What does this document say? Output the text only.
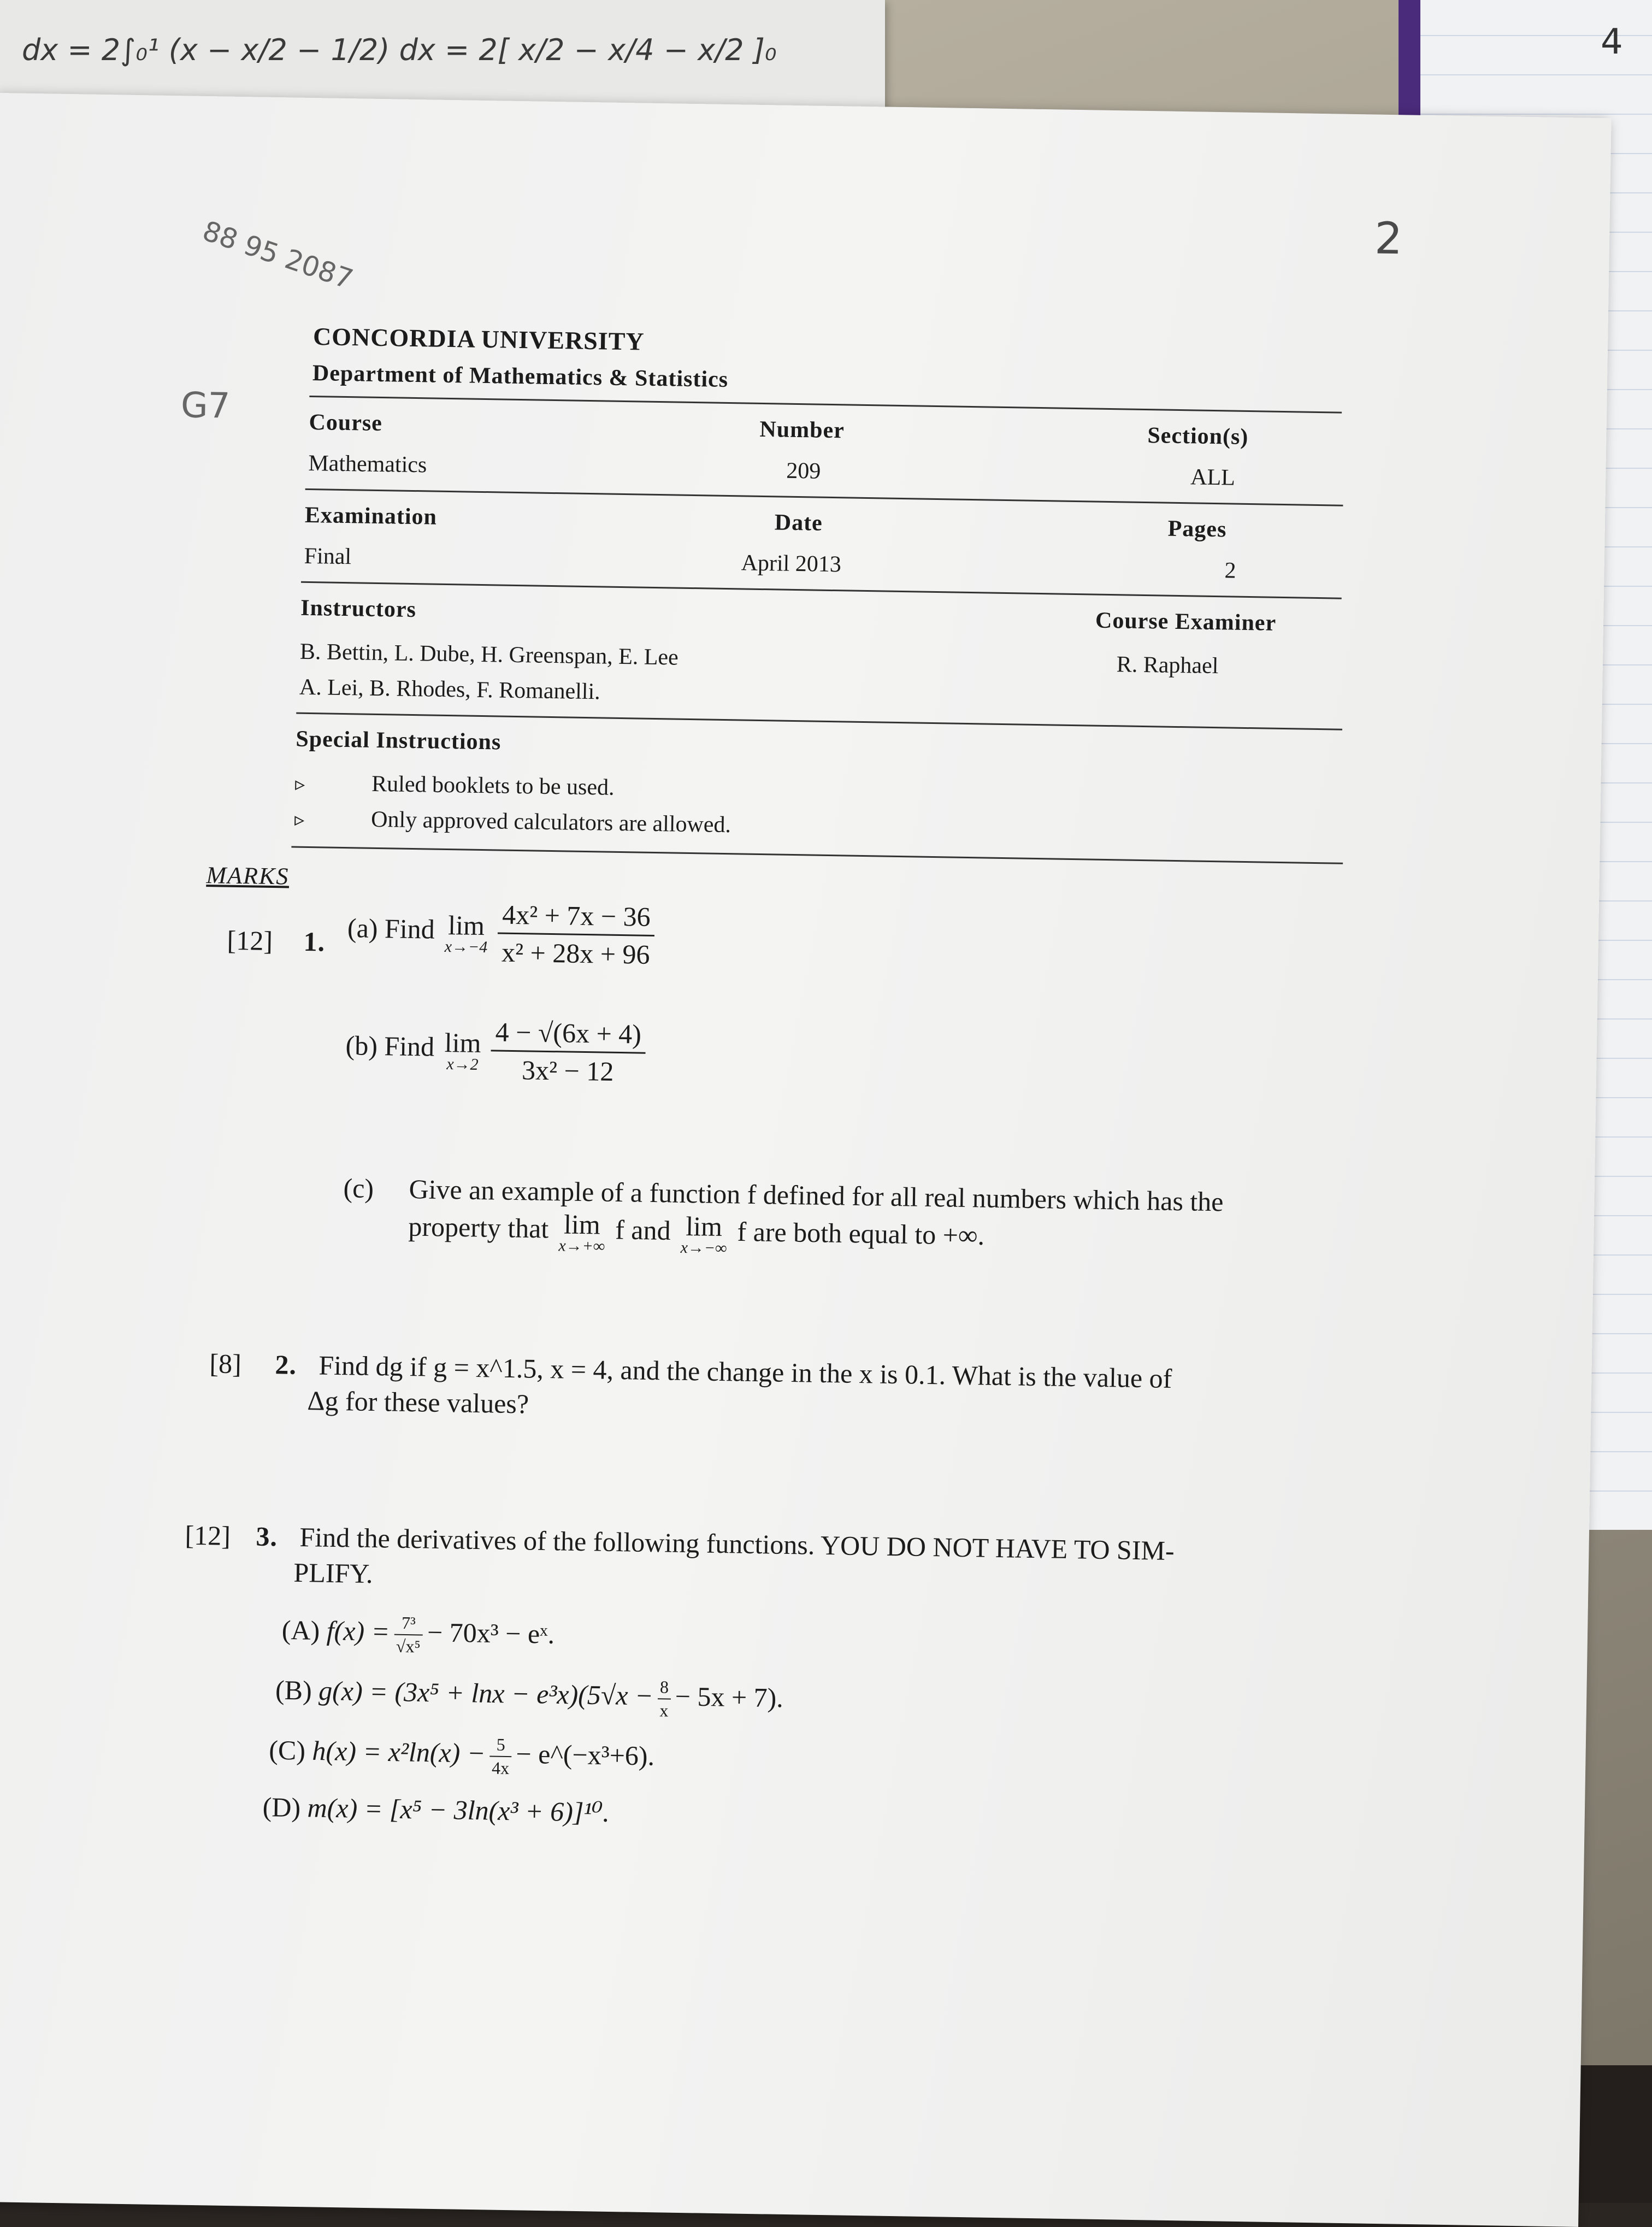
4
dx = 2∫₀¹ (x − x/2 − 1/2) dx = 2[ x/2 − x/4 − x/2 ]₀
2
88 95 2087
G7
CONCORDIA UNIVERSITY
Department of Mathematics & Statistics
Course
Mathematics
Number
209
Section(s)
ALL
Examination
Final
Date
April 2013
Pages
2
Instructors
B. Bettin, L. Dube, H. Greenspan, E. Lee
A. Lei, B. Rhodes, F. Romanelli.
Course Examiner
R. Raphael
Special Instructions
▹	Ruled booklets to be used.
▹	Only approved calculators are allowed.
MARKS
[12] 1. (a) Find lim
$x\to-4 \frac{\text{4x² + 7x − 36}}{\text{x² + 28x + 96}}$
(b) Find lim
$x\to 2 \frac{4 - √(6x + 4)}{\text{3x² − 12}}$
(c) Give an example of a function f defined for all real numbers which has the
property that lim
x→+∞
f and lim
x→−∞ f are both equal to +∞.
[8] 2. Find dg if g = x^1.5, x = 4, and the change in the x is 0.1. What is the value of
Δg for these values?
[12] 3. Find the derivatives of the following functions. YOU DO NOT HAVE TO SIM-
PLIFY.
(A) $f(x) = \frac{\text{7³}}{\text{√x⁵}} - 70x^3$ − eˣ.
(B) $g(x) = (3x^5 + \ln x - e^3x)(5√x - \frac{8}{x} - 5x + 7)$.
(C) $h(x) = x^2\ln(x) - \frac{5}{4x}$ − e^(−x³+6).
(D) m(x) = [x⁵ − 3ln(x³ + 6)]¹⁰.
